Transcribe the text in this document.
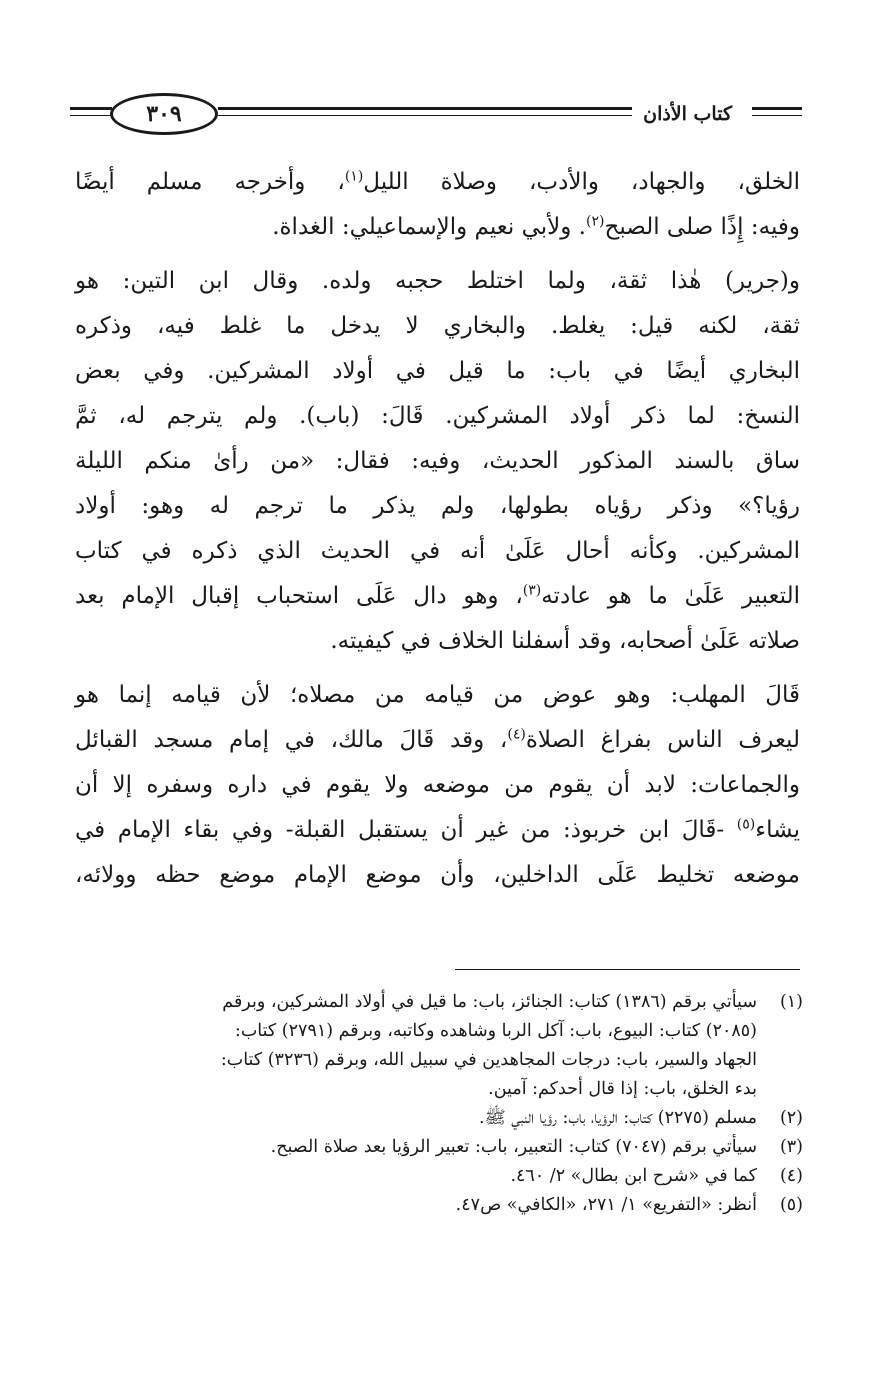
كتاب الأذان
٣٠٩

الخلق، والجهاد، والأدب، وصلاة الليل$^{(١)}$، وأخرجه مسلم أيضًا
وفيه: إِذًا صلى الصبح$^{(٢)}$. ولأبي نعيم والإسماعيلي: الغداة.

و(جرير) هٰذا ثقة، ولما اختلط حجبه ولده. وقال ابن التين: هو
ثقة، لكنه قيل: يغلط. والبخاري لا يدخل ما غلط فيه، وذكره
البخاري أيضًا في باب: ما قيل في أولاد المشركين. وفي بعض
النسخ: لما ذكر أولاد المشركين. قَالَ: (باب). ولم يترجم له، ثمَّ
ساق بالسند المذكور الحديث، وفيه: فقال: «من رأىٰ منكم الليلة
رؤيا؟» وذكر رؤياه بطولها، ولم يذكر ما ترجم له وهو: أولاد
المشركين. وكأنه أحال عَلَىٰ أنه في الحديث الذي ذكره في كتاب
التعبير عَلَىٰ ما هو عادته$^{(٣)}$، وهو دال عَلَى استحباب إقبال الإمام بعد
صلاته عَلَىٰ أصحابه، وقد أسفلنا الخلاف في كيفيته.

قَالَ المهلب: وهو عوض من قيامه من مصلاه؛ لأن قيامه إنما هو
ليعرف الناس بفراغ الصلاة$^{(٤)}$، وقد قَالَ مالك، في إمام مسجد القبائل
والجماعات: لابد أن يقوم من موضعه ولا يقوم في داره وسفره إلا أن
يشاء$^{(٥)}$ -قَالَ ابن خربوذ: من غير أن يستقبل القبلة- وفي بقاء الإمام في
موضعه تخليط عَلَى الداخلين، وأن موضع الإمام موضع حظه وولائه،

(١)
سيأتي برقم (١٣٨٦) كتاب: الجنائز، باب: ما قيل في أولاد المشركين، وبرقم
(٢٠٨٥) كتاب: البيوع، باب: آكل الربا وشاهده وكاتبه، وبرقم (٢٧٩١) كتاب:
الجهاد والسير، باب: درجات المجاهدين في سبيل الله، وبرقم (٣٢٣٦) كتاب:
بدء الخلق، باب: إذا قال أحدكم: آمين.
(٢)
مسلم (٢٢٧٥) كتاب: الرؤيا، باب: رؤيا النبي ﷺ.
(٣)
سيأتي برقم (٧٠٤٧) كتاب: التعبير، باب: تعبير الرؤيا بعد صلاة الصبح.
(٤)
كما في «شرح ابن بطال» ٢/ ٤٦٠.
(٥)
أنظر: «التفريع» ١/ ٢٧١، «الكافي» ص٤٧.
